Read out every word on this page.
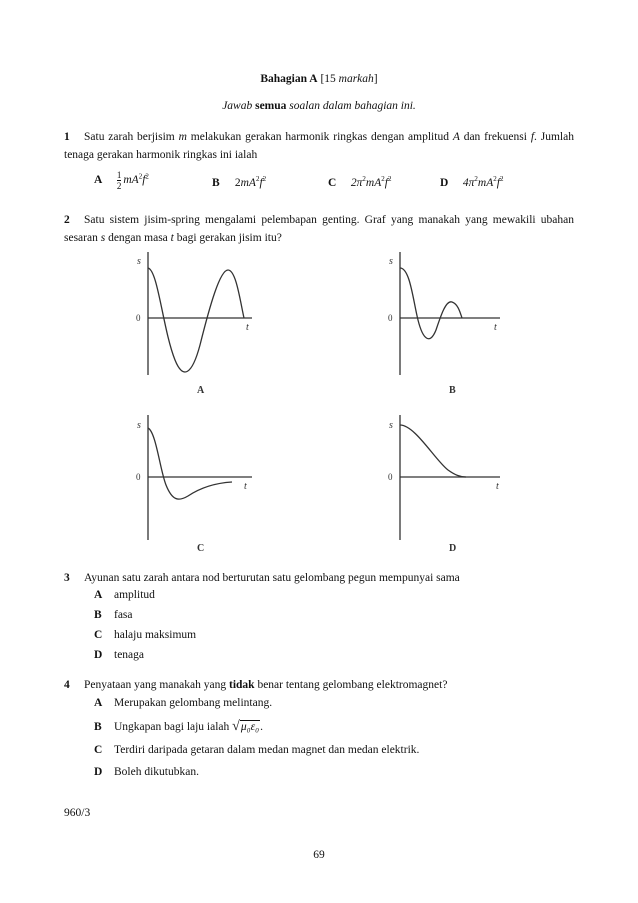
Bahagian A [15 markah]
Jawab semua soalan dalam bahagian ini.
1 Satu zarah berjisim m melakukan gerakan harmonik ringkas dengan amplitud A dan frekuensi f. Jumlah tenaga gerakan harmonik ringkas ini ialah
A $\frac{1}{2} mA^2f^2$
B $2mA^2f^2$	C $2\pi^2mA^2f^2$	D $4\pi^2mA^2f^2$
2 Satu sistem jisim-spring mengalami pelembapan genting. Graf yang manakah yang mewakili ubahan sesaran s dengan masa t bagi gerakan jisim itu?
s
t
s
t
s
t
s
t
0	0
0	0
A	B
C	D
3 Ayunan satu zarah antara nod berturutan satu gelombang pegun mempunyai sama
A amplitud
B fasa
C halaju maksimum
D tenaga
4 Penyataan yang manakah yang tidak benar tentang gelombang elektromagnet?
A Merupakan gelombang melintang.
B Ungkapan bagi laju ialah √μ₀ε₀.
C Terdiri daripada getaran dalam medan magnet dan medan elektrik.
D Boleh dikutubkan.
960/3
69
